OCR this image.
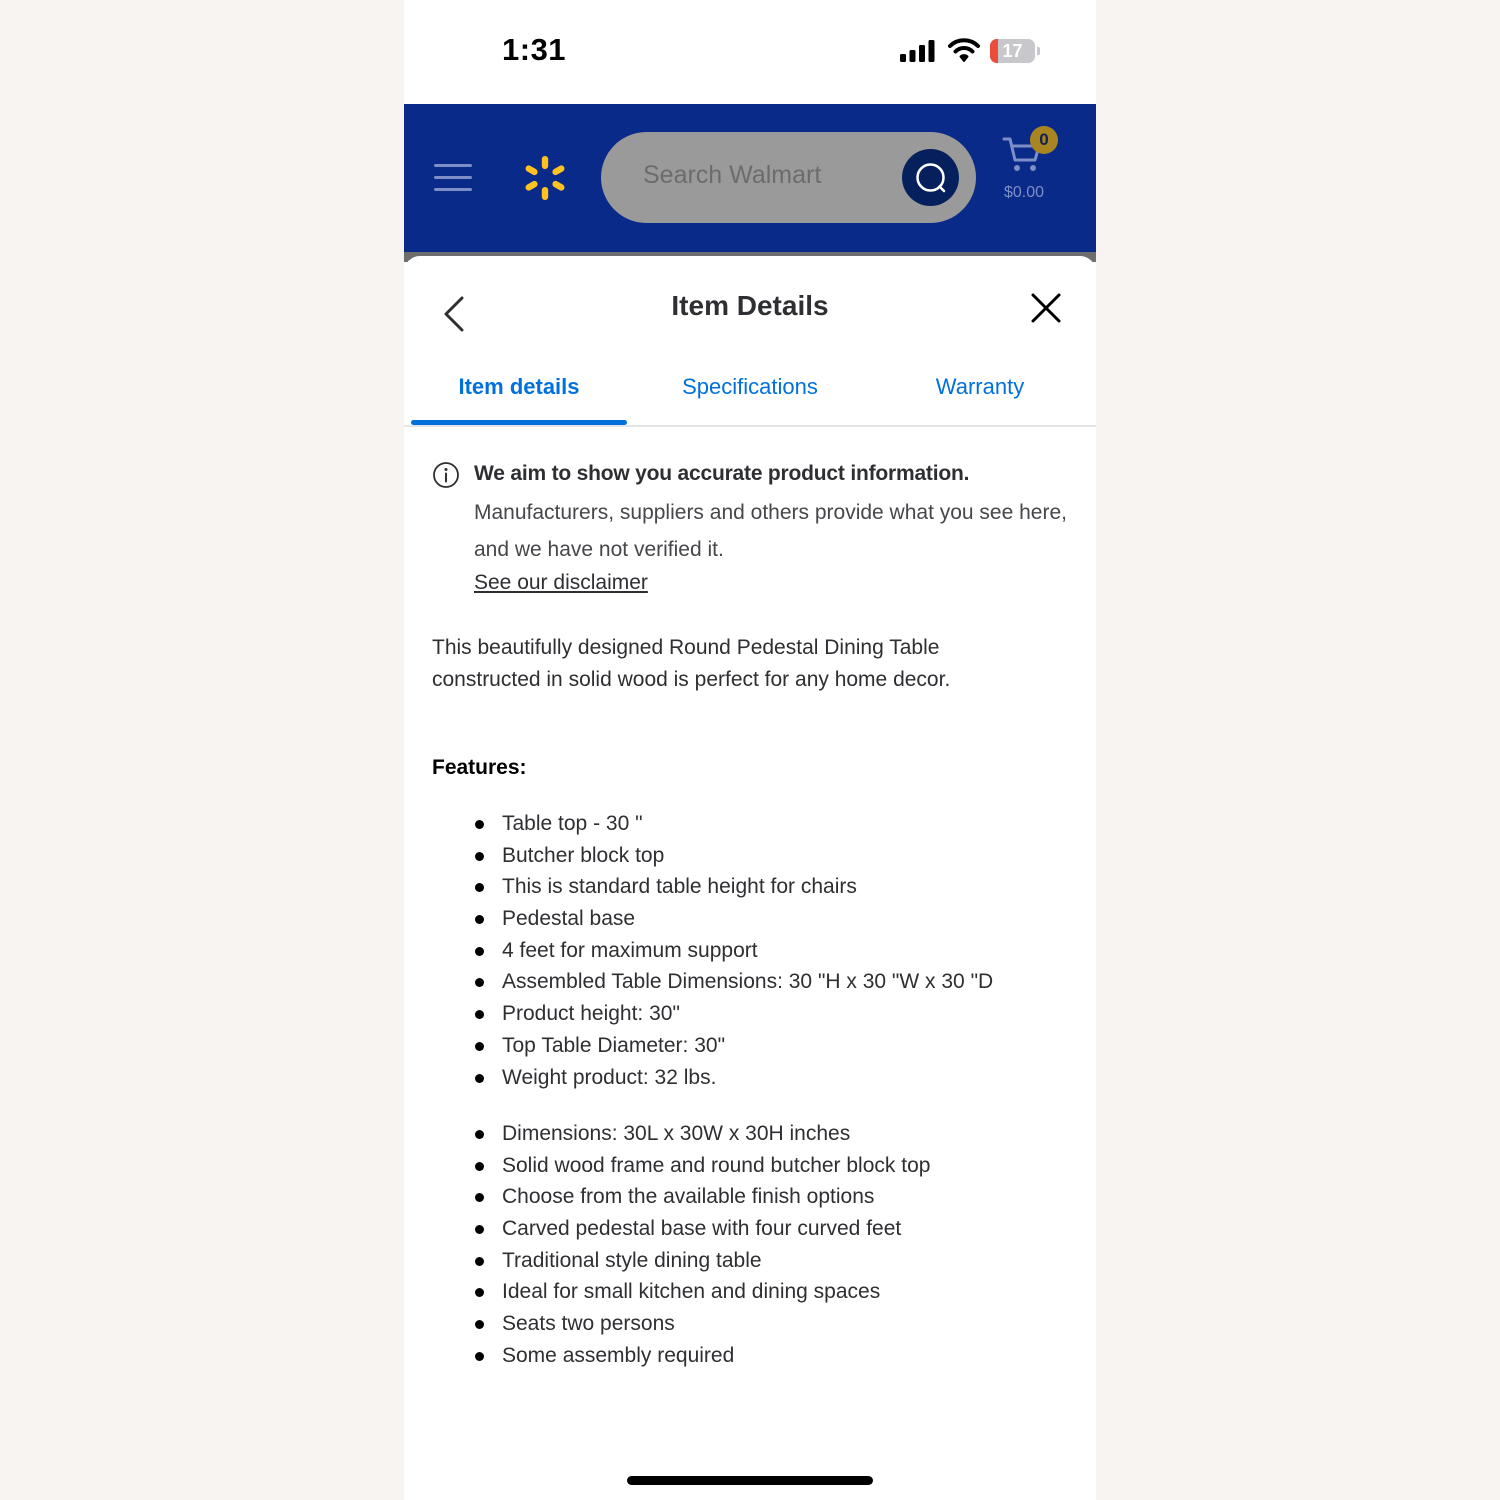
1:31	17
Search Walmart
0
$0.00
Item Details
Item details	Specifications	Warranty
We aim to show you accurate product information.
Manufacturers, suppliers and others provide what you see here, and we have not verified it.
See our disclaimer
This beautifully designed Round Pedestal Dining Table constructed in solid wood is perfect for any home decor.
Features:
Table top - 30 "
Butcher block top
This is standard table height for chairs
Pedestal base
4 feet for maximum support
Assembled Table Dimensions: 30 "H x 30 "W x 30 "D
Product height: 30"
Top Table Diameter: 30"
Weight product: 32 lbs.
Dimensions: 30L x 30W x 30H inches
Solid wood frame and round butcher block top
Choose from the available finish options
Carved pedestal base with four curved feet
Traditional style dining table
Ideal for small kitchen and dining spaces
Seats two persons
Some assembly required
